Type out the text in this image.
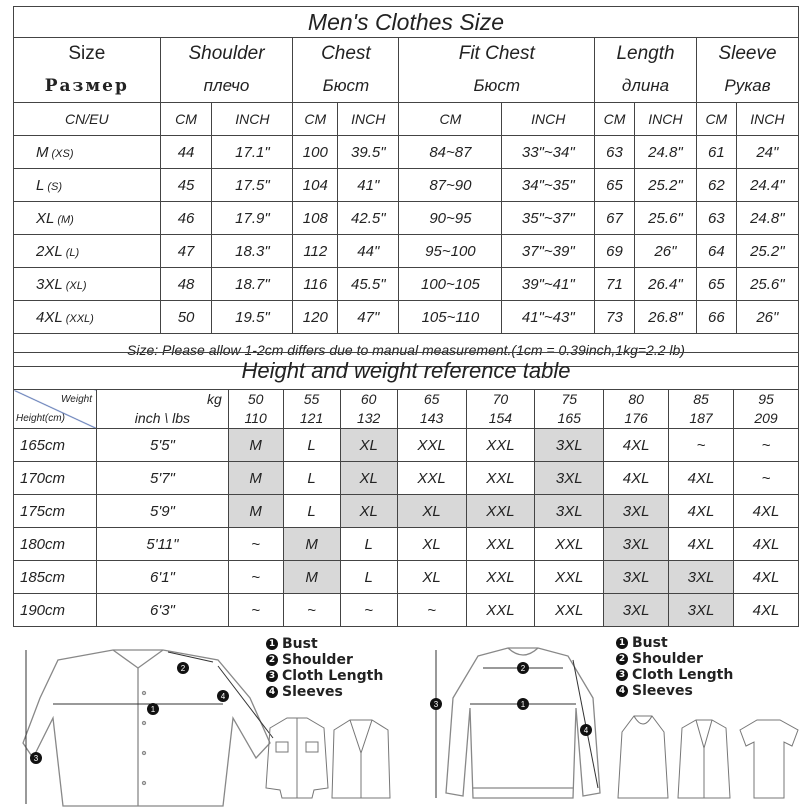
Men's Clothes Size										
Size	Shoulder		Chest		Fit Chest		Length		Sleeve	
Размер	плечо		Бюст		Бюст		длина		Рукав	
CN/EU	CM	INCH	CM	INCH	CM	INCH	CM	INCH	CM	INCH
M (XS)	44	17.1"	100	39.5"	84~87	33"~34"	63	24.8"	61	24"
L (S)	45	17.5"	104	41"	87~90	34"~35"	65	25.2"	62	24.4"
XL (M)	46	17.9"	108	42.5"	90~95	35"~37"	67	25.6"	63	24.8"
2XL (L)	47	18.3"	112	44"	95~100	37"~39"	69	26"	64	25.2"
3XL (XL)	48	18.7"	116	45.5"	100~105	39"~41"	71	26.4"	65	25.6"
4XL (XXL)	50	19.5"	120	47"	105~110	41"~43"	73	26.8"	66	26"
Size: Please allow 1-2cm differs due to manual measurement.(1cm = 0.39inch,1kg=2.2 lb)										
Height and weight reference table										

Weight
Height(cm)	kg	50	55	60	65	70	75	80	85	95
	inch \ lbs	110	121	132	143	154	165	176	187	209
165cm	5'5"	M	L	XL	XXL	XXL	3XL	4XL	~	~
170cm	5'7"	M	L	XL	XXL	XXL	3XL	4XL	4XL	~
175cm	5'9"	M	L	XL	XL	XXL	3XL	3XL	4XL	4XL
180cm	5'11"	~	M	L	XL	XXL	XXL	3XL	4XL	4XL
185cm	6'1"	~	M	L	XL	XXL	XXL	3XL	3XL	4XL
190cm	6'3"	~	~	~	~	XXL	XXL	3XL	3XL	4XL
1
2
3
4
1 Bust
2 Shoulder
3 Cloth Length
4 Sleeves
1
2
3
4
1 Bust
2 Shoulder
3 Cloth Length
4 Sleeves
